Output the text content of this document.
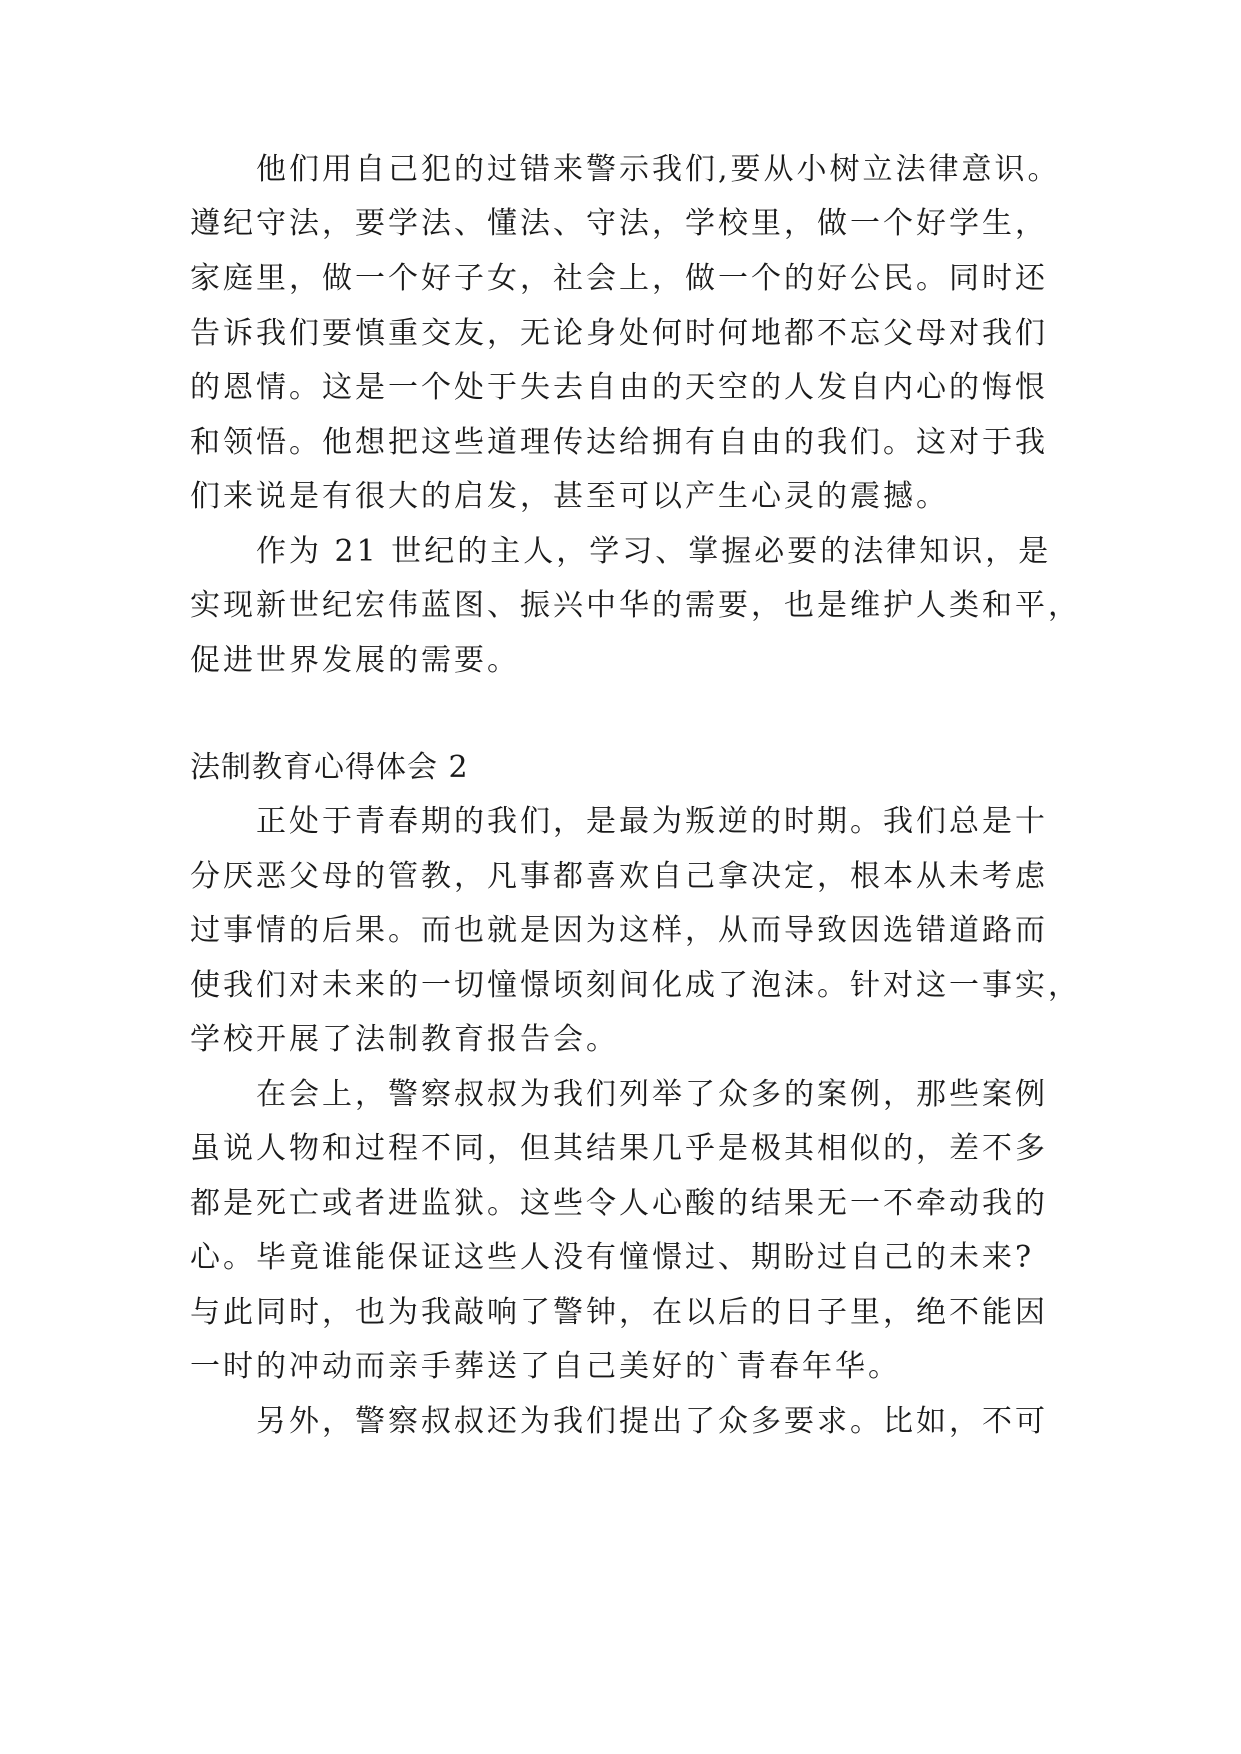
他们用自己犯的过错来警示我们,要从小树立法律意识。

遵纪守法，要学法、懂法、守法，学校里，做一个好学生，

家庭里，做一个好子女，社会上，做一个的好公民。同时还

告诉我们要慎重交友，无论身处何时何地都不忘父母对我们

的恩情。这是一个处于失去自由的天空的人发自内心的悔恨

和领悟。他想把这些道理传达给拥有自由的我们。这对于我

们来说是有很大的启发，甚至可以产生心灵的震撼。

作为 21 世纪的主人，学习、掌握必要的法律知识，是

实现新世纪宏伟蓝图、振兴中华的需要，也是维护人类和平，

促进世界发展的需要。

法制教育心得体会 2

正处于青春期的我们，是最为叛逆的时期。我们总是十

分厌恶父母的管教，凡事都喜欢自己拿决定，根本从未考虑

过事情的后果。而也就是因为这样，从而导致因选错道路而

使我们对未来的一切憧憬顷刻间化成了泡沫。针对这一事实，

学校开展了法制教育报告会。

在会上，警察叔叔为我们列举了众多的案例，那些案例

虽说人物和过程不同，但其结果几乎是极其相似的，差不多

都是死亡或者进监狱。这些令人心酸的结果无一不牵动我的

心。毕竟谁能保证这些人没有憧憬过、期盼过自己的未来?

与此同时，也为我敲响了警钟，在以后的日子里，绝不能因

一时的冲动而亲手葬送了自己美好的`青春年华。

另外，警察叔叔还为我们提出了众多要求。比如，不可
